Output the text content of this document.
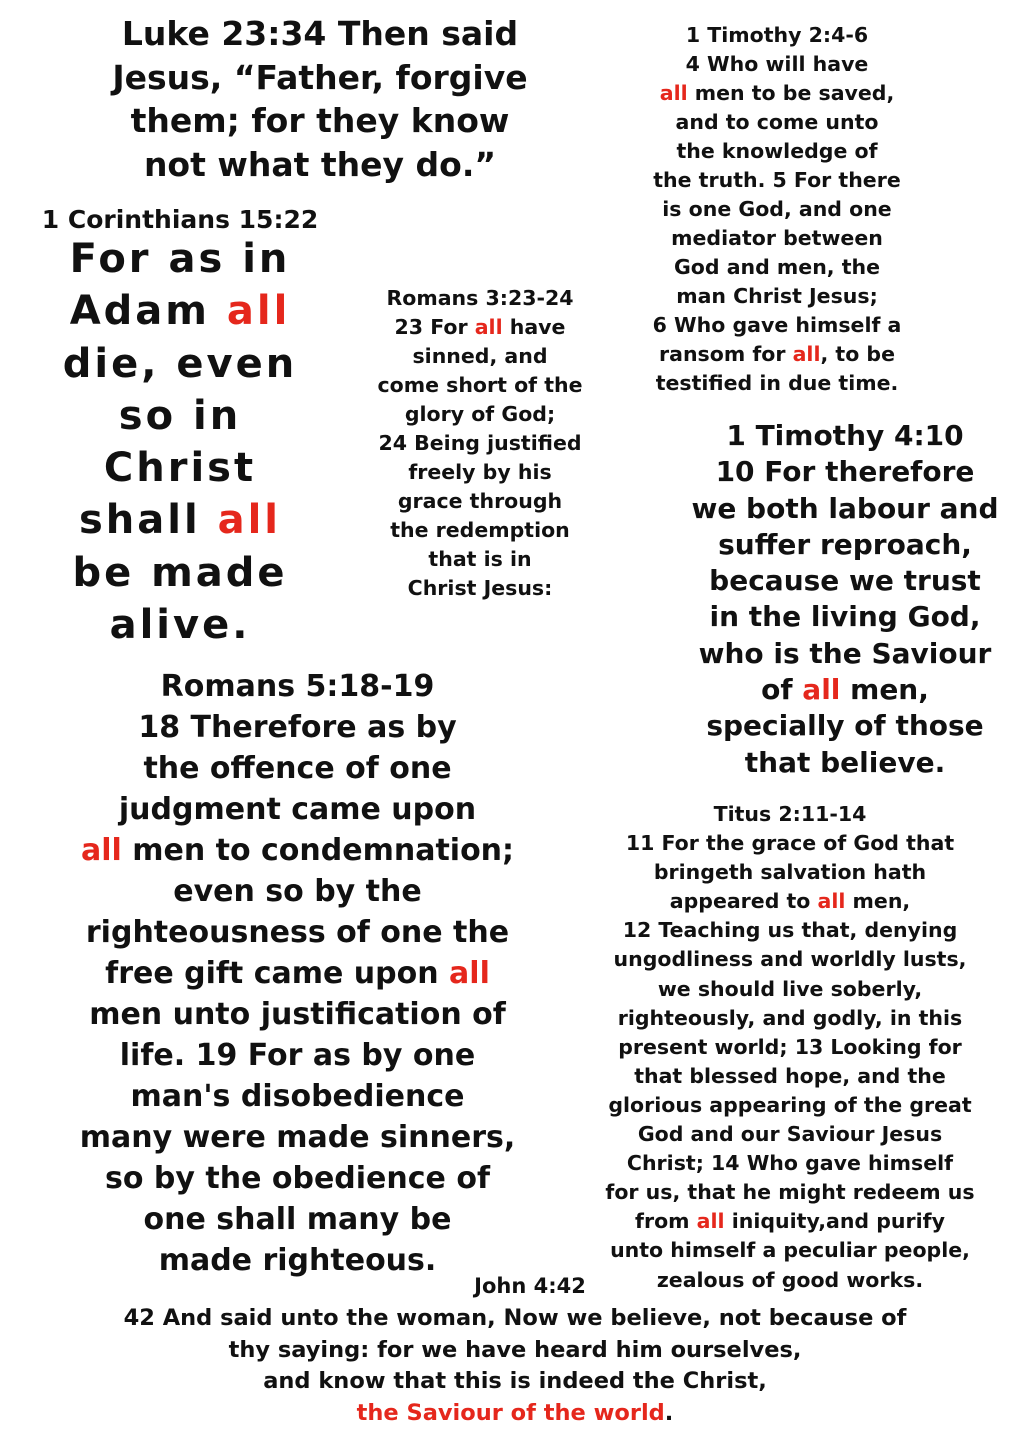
Luke 23:34 Then said
Jesus, “Father, forgive
them; for they know
not what they do.”
1 Corinthians 15:22
For as in
Adam all
die, even
so in
Christ
shall all
be made
alive.
Romans 3:23-24
23 For all have
sinned, and
come short of the
glory of God;
24 Being justified
freely by his
grace through
the redemption
that is in
Christ Jesus:
1 Timothy 2:4-6
4 Who will have
all men to be saved,
and to come unto
the knowledge of
the truth. 5 For there
is one God, and one
mediator between
God and men, the
man Christ Jesus;
6 Who gave himself a
ransom for all, to be
testified in due time.
1 Timothy 4:10
10 For therefore
we both labour and
suffer reproach,
because we trust
in the living God,
who is the Saviour
of all men,
specially of those
that believe.
Romans 5:18-19
18 Therefore as by
the offence of one
judgment came upon
all men to condemnation;
even so by the
righteousness of one the
free gift came upon all
men unto justification of
life. 19 For as by one
man's disobedience
many were made sinners,
so by the obedience of
one shall many be
made righteous.
Titus 2:11-14
11 For the grace of God that
bringeth salvation hath
appeared to all men,
12 Teaching us that, denying
ungodliness and worldly lusts,
we should live soberly,
righteously, and godly, in this
present world; 13 Looking for
that blessed hope, and the
glorious appearing of the great
God and our Saviour Jesus
Christ; 14 Who gave himself
for us, that he might redeem us
from all iniquity,and purify
unto himself a peculiar people,
zealous of good works.
John 4:42
42 And said unto the woman, Now we believe, not because of
thy saying: for we have heard him ourselves,
and know that this is indeed the Christ,
the Saviour of the world.
